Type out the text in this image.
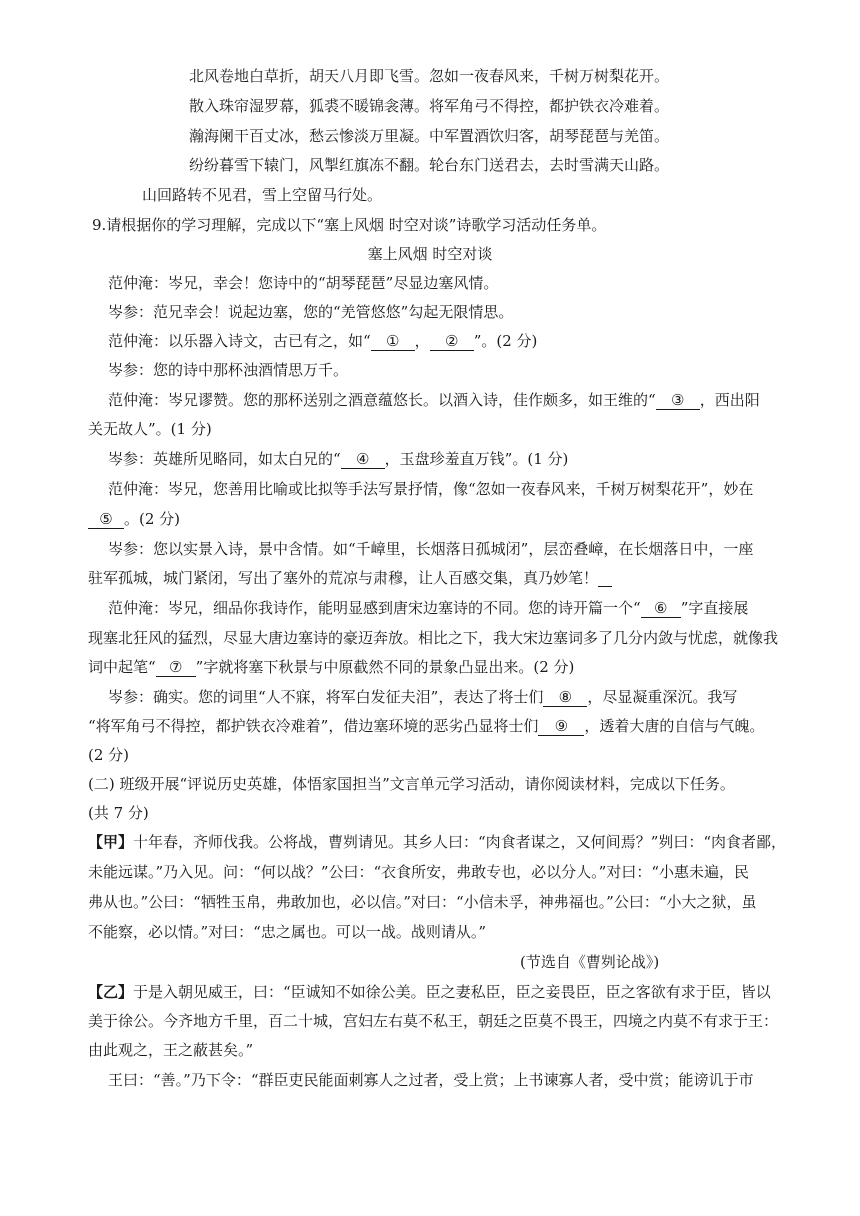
北风卷地白草折，胡天八月即飞雪。忽如一夜春风来，千树万树梨花开。
散入珠帘湿罗幕，狐裘不暖锦衾薄。将军角弓不得控，都护铁衣冷难着。
瀚海阑干百丈冰，愁云惨淡万里凝。中军置酒饮归客，胡琴琵琶与羌笛。
纷纷暮雪下辕门，风掣红旗冻不翻。轮台东门送君去，去时雪满天山路。
山回路转不见君，雪上空留马行处。
9.请根据你的学习理解，完成以下“塞上风烟 时空对谈”诗歌学习活动任务单。
塞上风烟 时空对谈
范仲淹：岑兄，幸会！您诗中的“胡琴琵琶”尽显边塞风情。
岑参：范兄幸会！说起边塞，您的“羌管悠悠”勾起无限情思。
范仲淹：以乐器入诗文，古已有之，如“ ① ， ② ”。(2 分)
岑参：您的诗中那杯浊酒情思万千。
范仲淹：岑兄谬赞。您的那杯送别之酒意蕴悠长。以酒入诗，佳作颇多，如王维的“ ③ ，西出阳
关无故人”。(1 分)
岑参：英雄所见略同，如太白兄的“ ④ ，玉盘珍羞直万钱”。(1 分)
范仲淹：岑兄，您善用比喻或比拟等手法写景抒情，像“忽如一夜春风来，千树万树梨花开”，妙在
⑤ 。(2 分)
岑参：您以实景入诗，景中含情。如“千嶂里，长烟落日孤城闭”，层峦叠嶂，在长烟落日中，一座
驻军孤城，城门紧闭，写出了塞外的荒凉与肃穆，让人百感交集，真乃妙笔！
范仲淹：岑兄，细品你我诗作，能明显感到唐宋边塞诗的不同。您的诗开篇一个“ ⑥ ”字直接展
现塞北狂风的猛烈，尽显大唐边塞诗的豪迈奔放。相比之下，我大宋边塞词多了几分内敛与忧虑，就像我
词中起笔“ ⑦ ”字就将塞下秋景与中原截然不同的景象凸显出来。(2 分)
岑参：确实。您的词里“人不寐，将军白发征夫泪”，表达了将士们 ⑧ ，尽显凝重深沉。我写
“将军角弓不得控，都护铁衣冷难着”，借边塞环境的恶劣凸显将士们 ⑨ ，透着大唐的自信与气魄。
(2 分)
(二) 班级开展“评说历史英雄，体悟家国担当”文言单元学习活动，请你阅读材料，完成以下任务。
(共 7 分)
【甲】十年春，齐师伐我。公将战，曹刿请见。其乡人曰：“肉食者谋之，又何间焉？”刿曰：“肉食者鄙，
未能远谋。”乃入见。问：“何以战？”公曰：“衣食所安，弗敢专也，必以分人。”对曰：“小惠未遍，民
弗从也。”公曰：“牺牲玉帛，弗敢加也，必以信。”对曰：“小信未孚，神弗福也。”公曰：“小大之狱，虽
不能察，必以情。”对曰：“忠之属也。可以一战。战则请从。”
(节选自《曹刿论战》)
【乙】于是入朝见威王，曰：“臣诚知不如徐公美。臣之妻私臣，臣之妾畏臣，臣之客欲有求于臣，皆以
美于徐公。今齐地方千里，百二十城，宫妇左右莫不私王，朝廷之臣莫不畏王，四境之内莫不有求于王：
由此观之，王之蔽甚矣。”
王曰：“善。”乃下令：“群臣吏民能面刺寡人之过者，受上赏；上书谏寡人者，受中赏；能谤讥于市
